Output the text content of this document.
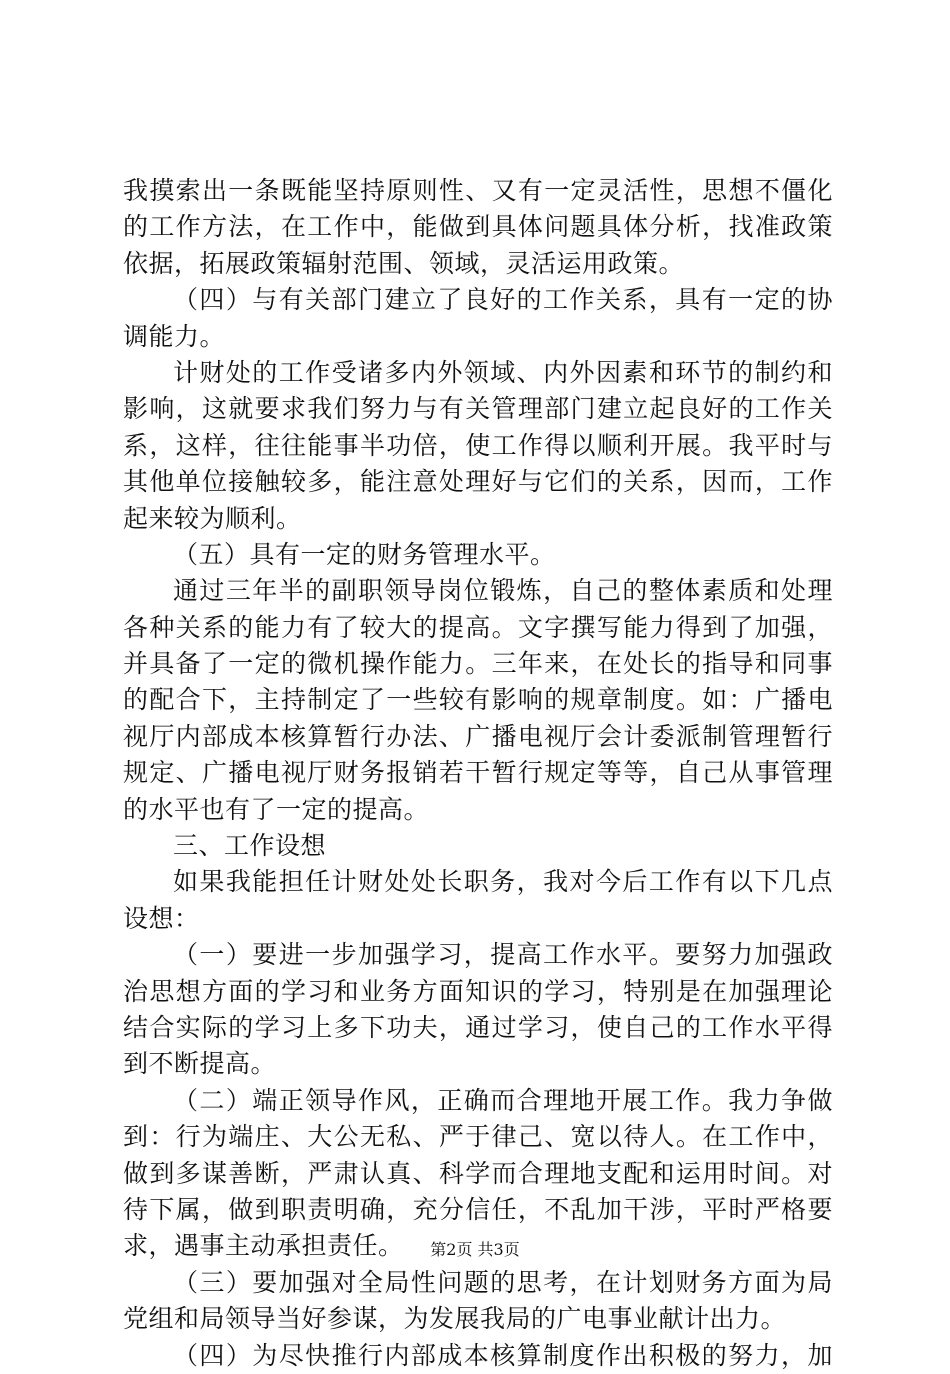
我摸索出一条既能坚持原则性、又有一定灵活性，思想不僵化
的工作方法，在工作中，能做到具体问题具体分析，找准政策
依据，拓展政策辐射范围、领域，灵活运用政策。
（四）与有关部门建立了良好的工作关系，具有一定的协
调能力。
计财处的工作受诸多内外领域、内外因素和环节的制约和
影响，这就要求我们努力与有关管理部门建立起良好的工作关
系，这样，往往能事半功倍，使工作得以顺利开展。我平时与
其他单位接触较多，能注意处理好与它们的关系，因而，工作
起来较为顺利。
（五）具有一定的财务管理水平。
通过三年半的副职领导岗位锻炼，自己的整体素质和处理
各种关系的能力有了较大的提高。文字撰写能力得到了加强，
并具备了一定的微机操作能力。三年来，在处长的指导和同事
的配合下，主持制定了一些较有影响的规章制度。如：广播电
视厅内部成本核算暂行办法、广播电视厅会计委派制管理暂行
规定、广播电视厅财务报销若干暂行规定等等，自己从事管理
的水平也有了一定的提高。
三、工作设想
如果我能担任计财处处长职务，我对今后工作有以下几点
设想：
（一）要进一步加强学习，提高工作水平。要努力加强政
治思想方面的学习和业务方面知识的学习，特别是在加强理论
结合实际的学习上多下功夫，通过学习，使自己的工作水平得
到不断提高。
（二）端正领导作风，正确而合理地开展工作。我力争做
到：行为端庄、大公无私、严于律己、宽以待人。在工作中，
做到多谋善断，严肃认真、科学而合理地支配和运用时间。对
待下属，做到职责明确，充分信任，不乱加干涉，平时严格要
求，遇事主动承担责任。
（三）要加强对全局性问题的思考，在计划财务方面为局
党组和局领导当好参谋，为发展我局的广电事业献计出力。
（四）为尽快推行内部成本核算制度作出积极的努力，加
第2页 共3页
